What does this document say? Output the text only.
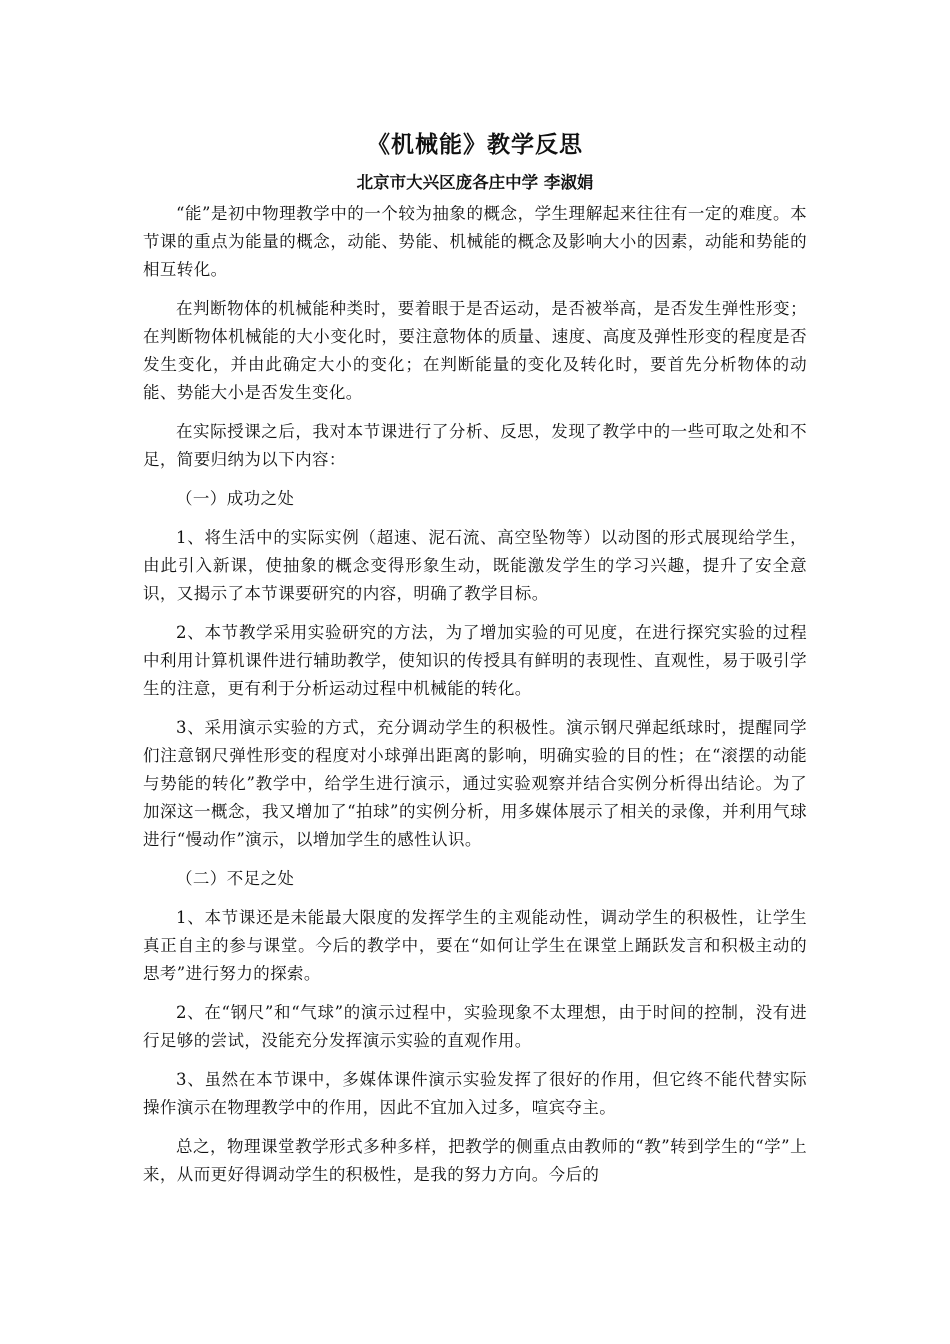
《机械能》教学反思
北京市大兴区庞各庄中学 李淑娟

“能”是初中物理教学中的一个较为抽象的概念，学生理解起来往往有一定的难度。本节课的重点为能量的概念，动能、势能、机械能的概念及影响大小的因素，动能和势能的相互转化。

在判断物体的机械能种类时，要着眼于是否运动，是否被举高，是否发生弹性形变；在判断物体机械能的大小变化时，要注意物体的质量、速度、高度及弹性形变的程度是否发生变化，并由此确定大小的变化；在判断能量的变化及转化时，要首先分析物体的动能、势能大小是否发生变化。

在实际授课之后，我对本节课进行了分析、反思，发现了教学中的一些可取之处和不足，简要归纳为以下内容：

（一）成功之处

1、将生活中的实际实例（超速、泥石流、高空坠物等）以动图的形式展现给学生，由此引入新课，使抽象的概念变得形象生动，既能激发学生的学习兴趣，提升了安全意识，又揭示了本节课要研究的内容，明确了教学目标。

2、本节教学采用实验研究的方法，为了增加实验的可见度，在进行探究实验的过程中利用计算机课件进行辅助教学，使知识的传授具有鲜明的表现性、直观性，易于吸引学生的注意，更有利于分析运动过程中机械能的转化。

3、采用演示实验的方式，充分调动学生的积极性。演示钢尺弹起纸球时，提醒同学们注意钢尺弹性形变的程度对小球弹出距离的影响，明确实验的目的性；在“滚摆的动能与势能的转化”教学中，给学生进行演示，通过实验观察并结合实例分析得出结论。为了加深这一概念，我又增加了“拍球”的实例分析，用多媒体展示了相关的录像，并利用气球进行“慢动作”演示，以增加学生的感性认识。

（二）不足之处

1、本节课还是未能最大限度的发挥学生的主观能动性，调动学生的积极性，让学生真正自主的参与课堂。今后的教学中，要在“如何让学生在课堂上踊跃发言和积极主动的思考”进行努力的探索。

2、在“钢尺”和“气球”的演示过程中，实验现象不太理想，由于时间的控制，没有进行足够的尝试，没能充分发挥演示实验的直观作用。

3、虽然在本节课中，多媒体课件演示实验发挥了很好的作用，但它终不能代替实际操作演示在物理教学中的作用，因此不宜加入过多，喧宾夺主。

总之，物理课堂教学形式多种多样，把教学的侧重点由教师的“教”转到学生的“学”上来，从而更好得调动学生的积极性，是我的努力方向。今后的
